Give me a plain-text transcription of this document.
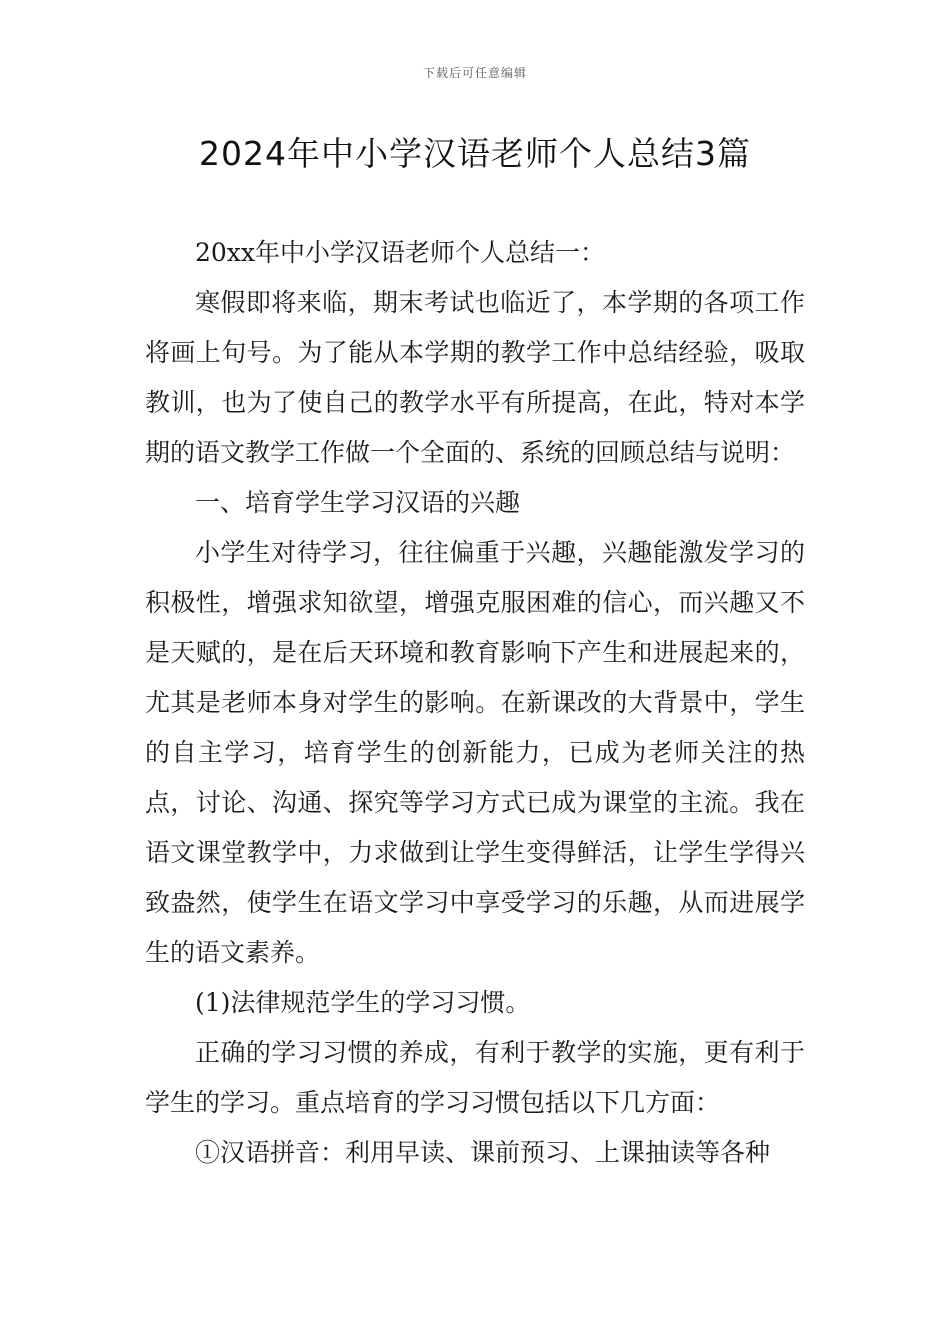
下载后可任意编辑
2024年中小学汉语老师个人总结3篇

20xx年中小学汉语老师个人总结一：

寒假即将来临，期末考试也临近了，本学期的各项工作将画上句号。为了能从本学期的教学工作中总结经验，吸取教训，也为了使自己的教学水平有所提高，在此，特对本学期的语文教学工作做一个全面的、系统的回顾总结与说明：

一、培育学生学习汉语的兴趣

小学生对待学习，往往偏重于兴趣，兴趣能激发学习的积极性，增强求知欲望，增强克服困难的信心，而兴趣又不是天赋的，是在后天环境和教育影响下产生和进展起来的，尤其是老师本身对学生的影响。在新课改的大背景中，学生的自主学习，培育学生的创新能力，已成为老师关注的热点，讨论、沟通、探究等学习方式已成为课堂的主流。我在语文课堂教学中，力求做到让学生变得鲜活，让学生学得兴致盎然，使学生在语文学习中享受学习的乐趣，从而进展学生的语文素养。

(1)法律规范学生的学习习惯。

正确的学习习惯的养成，有利于教学的实施，更有利于学生的学习。重点培育的学习习惯包括以下几方面：

①汉语拼音：利用早读、课前预习、上课抽读等各种
